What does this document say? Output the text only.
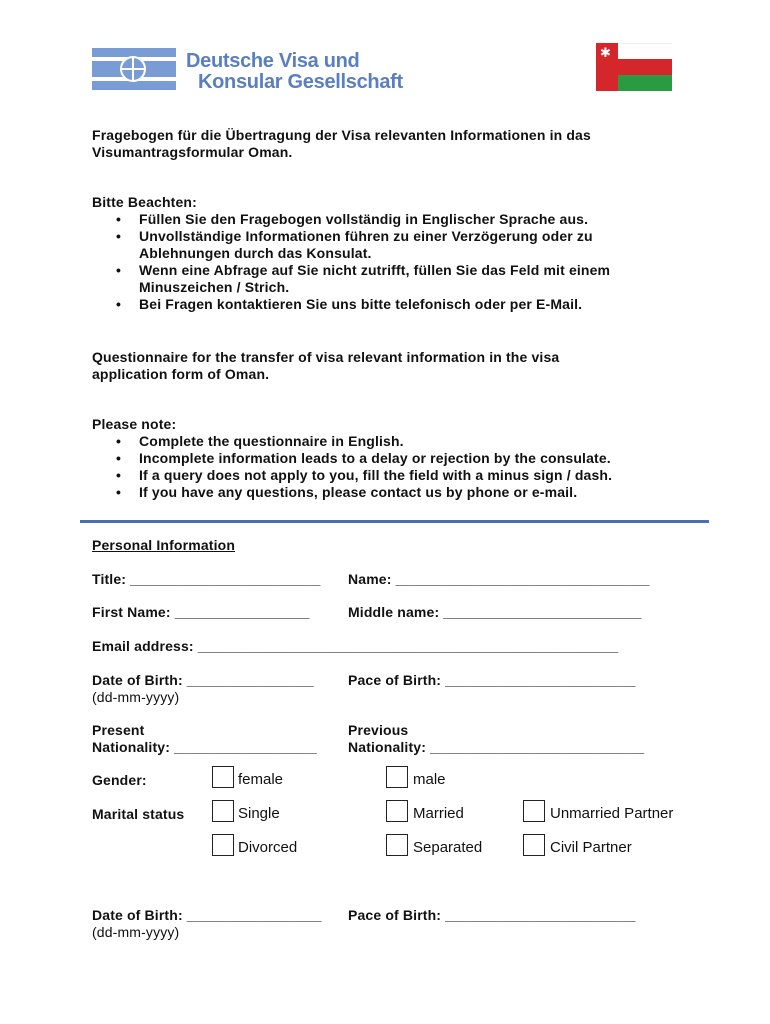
Deutsche Visa und
Konsular Gesellschaft
✱
Fragebogen für die Übertragung der Visa relevanten Informationen in das
Visumantragsformular Oman.
Bitte Beachten:
• Füllen Sie den Fragebogen vollständig in Englischer Sprache aus.
• Unvollständige Informationen führen zu einer Verzögerung oder zu
Ablehnungen durch das Konsulat.
• Wenn eine Abfrage auf Sie nicht zutrifft, füllen Sie das Feld mit einem
Minuszeichen / Strich.
• Bei Fragen kontaktieren Sie uns bitte telefonisch oder per E-Mail.
Questionnaire for the transfer of visa relevant information in the visa
application form of Oman.
Please note:
• Complete the questionnaire in English.
• Incomplete information leads to a delay or rejection by the consulate.
• If a query does not apply to you, fill the field with a minus sign / dash.
• If you have any questions, please contact us by phone or e-mail.
Personal Information
Title: ________________________ Name: ________________________________
First Name: _________________	Middle name: _________________________
Email address: _____________________________________________________
Date of Birth: ________________
(dd-mm-yyyy)
Pace of Birth: ________________________
Present
Nationality: __________________
Previous
Nationality: ___________________________
Gender:	female	male
Marital status	Single	Married	Unmarried Partner
Divorced	Separated	Civil Partner
Date of Birth: _________________
(dd-mm-yyyy)
Pace of Birth: ________________________
